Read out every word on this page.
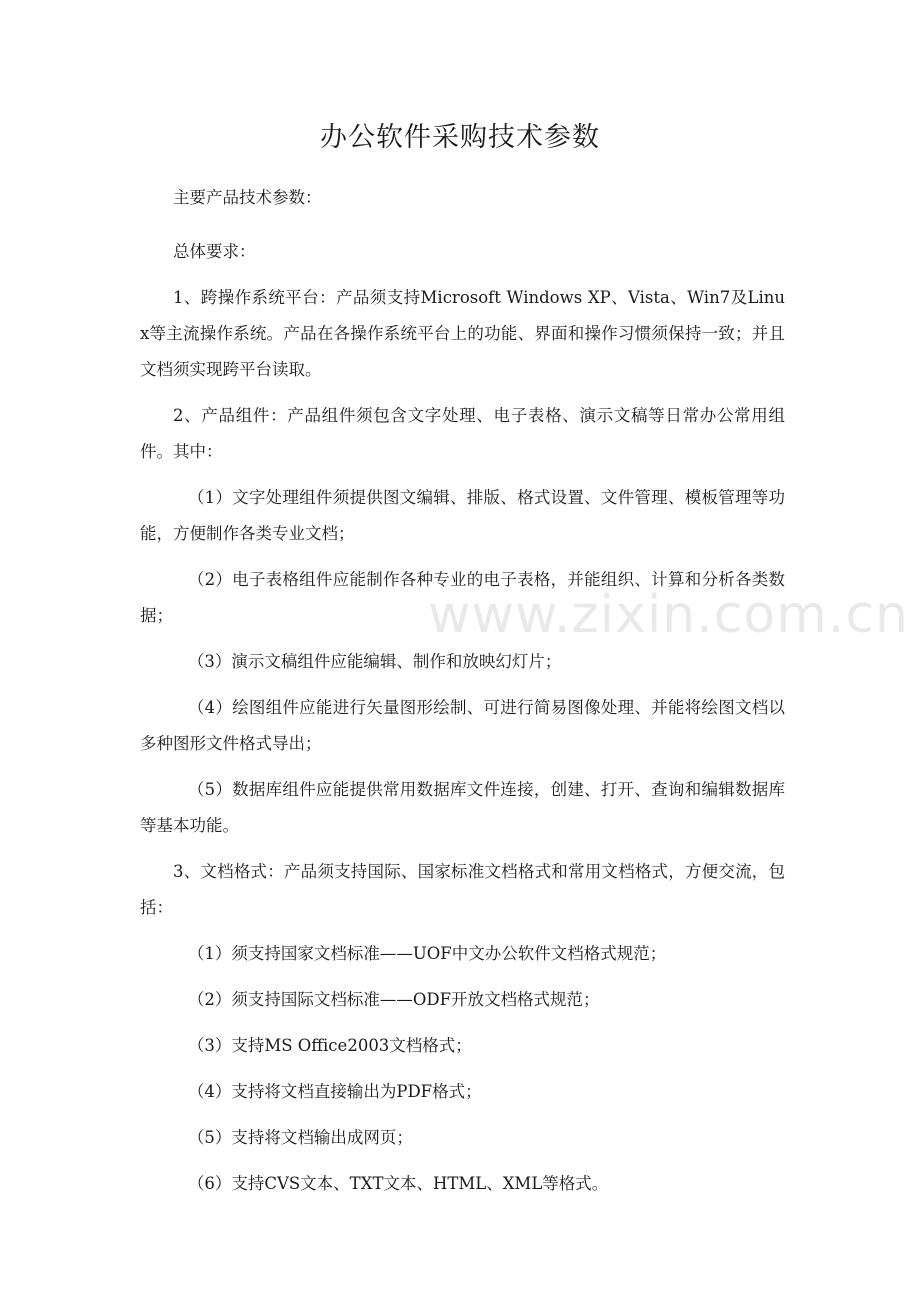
办公软件采购技术参数

主要产品技术参数：

总体要求：

1、跨操作系统平台：产品须支持Microsoft Windows XP、Vista、Win7及Linux等主流操作系统。产品在各操作系统平台上的功能、界面和操作习惯须保持一致；并且文档须实现跨平台读取。

2、产品组件：产品组件须包含文字处理、电子表格、演示文稿等日常办公常用组件。其中：

（1）文字处理组件须提供图文编辑、排版、格式设置、文件管理、模板管理等功能，方便制作各类专业文档；

（2）电子表格组件应能制作各种专业的电子表格，并能组织、计算和分析各类数据；

（3）演示文稿组件应能编辑、制作和放映幻灯片；

（4）绘图组件应能进行矢量图形绘制、可进行简易图像处理、并能将绘图文档以多种图形文件格式导出；

（5）数据库组件应能提供常用数据库文件连接，创建、打开、查询和编辑数据库等基本功能。

3、文档格式：产品须支持国际、国家标准文档格式和常用文档格式，方便交流，包括：

（1）须支持国家文档标准——UOF中文办公软件文档格式规范；

（2）须支持国际文档标准——ODF开放文档格式规范；

（3）支持MS Office2003文档格式；

（4）支持将文档直接输出为PDF格式；

（5）支持将文档输出成网页；

（6）支持CVS文本、TXT文本、HTML、XML等格式。

www.zixin.com.cn
